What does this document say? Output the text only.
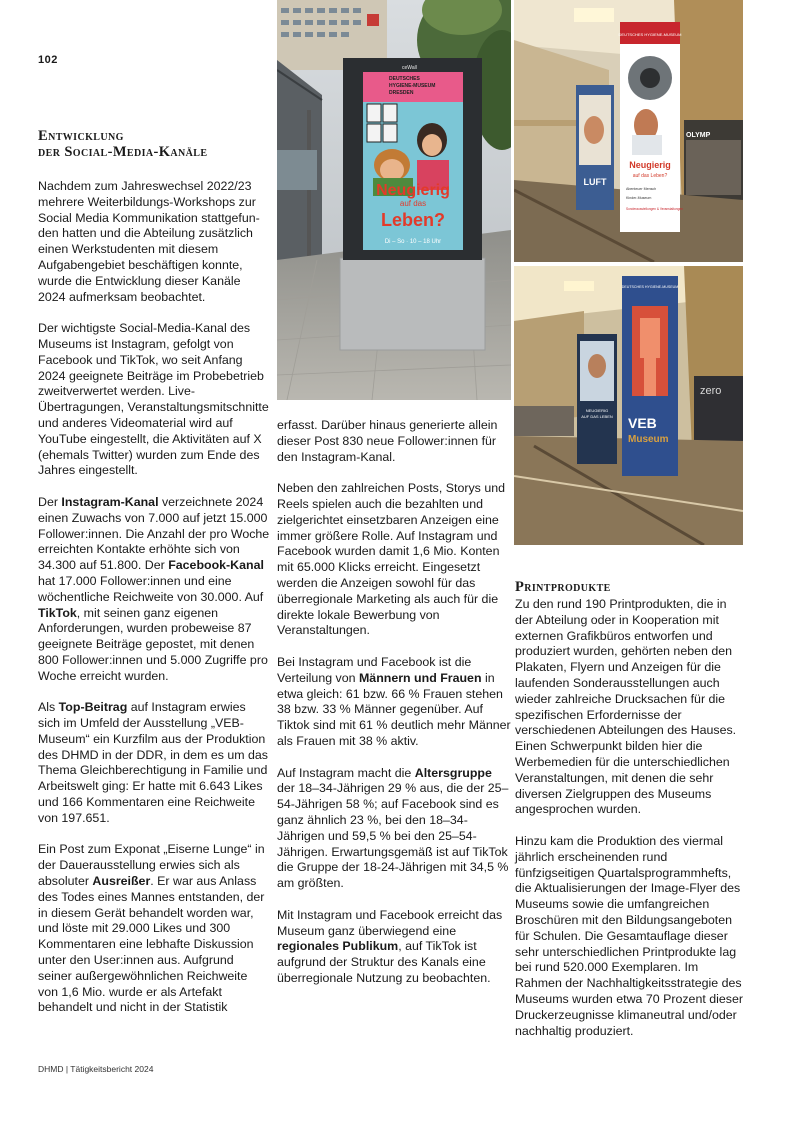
102
Entwicklung
der Social-Media-Kanäle

Nachdem zum Jahreswechsel 2022/23 mehrere Weiterbildungs-Workshops zur Social Media Kommunikation stattgefun-den hatten und die Abteilung zusätzlich einen Werkstudenten mit diesem Aufgabengebiet beschäftigen konnte, wurde die Entwicklung dieser Kanäle 2024 aufmerksam beobachtet.

Der wichtigste Social-Media-Kanal des Museums ist Instagram, gefolgt von Facebook und TikTok, wo seit Anfang 2024 geeignete Beiträge im Probebetrieb zweitverwertet werden. Live-Übertragungen, Veranstaltungsmitschnitte und anderes Videomaterial wird auf YouTube eingestellt, die Aktivitäten auf X (ehemals Twitter) wurden zum Ende des Jahres eingestellt.

Der Instagram-Kanal verzeichnete 2024 einen Zuwachs von 7.000 auf jetzt 15.000 Follower:innen. Die Anzahl der pro Woche erreichten Kontakte erhöhte sich von 34.300 auf 51.800. Der Facebook-Kanal hat 17.000 Follower:innen und eine wöchentliche Reichweite von 30.000. Auf TikTok, mit seinen ganz eigenen Anforderungen, wurden probeweise 87 geeignete Beiträge gepostet, mit denen 800 Follower:innen und 5.000 Zugriffe pro Woche erreicht wurden.

Als Top-Beitrag auf Instagram erwies sich im Umfeld der Ausstellung „VEB-Museum“ ein Kurzfilm aus der Produktion des DHMD in der DDR, in dem es um das Thema Gleichberechtigung in Familie und Arbeitswelt ging: Er hatte mit 6.643 Likes und 166 Kommentaren eine Reichweite von 197.651.

Ein Post zum Exponat „Eiserne Lunge“ in der Dauerausstellung erwies sich als absoluter Ausreißer. Er war aus Anlass des Todes eines Mannes entstanden, der in diesem Gerät behandelt worden war, und löste mit 29.000 Likes und 300 Kommentaren eine lebhafte Diskussion unter den User:innen aus. Aufgrund seiner außergewöhnlichen Reichweite von 1,6 Mio. wurde er als Artefakt behandelt und nicht in der Statistik

erfasst. Darüber hinaus generierte allein dieser Post 830 neue Follower:innen für den Instagram-Kanal.

Neben den zahlreichen Posts, Storys und Reels spielen auch die bezahlten und zielgerichtet einsetzbaren Anzeigen eine immer größere Rolle. Auf Instagram und Facebook wurden damit 1,6 Mio. Konten mit 65.000 Klicks erreicht. Eingesetzt werden die Anzeigen sowohl für das überregionale Marketing als auch für die direkte lokale Bewerbung von Veranstaltungen.

Bei Instagram und Facebook ist die Verteilung von Männern und Frauen in etwa gleich: 61 bzw. 66 % Frauen stehen 38 bzw. 33 % Männer gegenüber. Auf Tiktok sind mit 61 % deutlich mehr Männer als Frauen mit 38 % aktiv.

Auf Instagram macht die Altersgruppe der 18–34-Jährigen 29 % aus, die der 25–54-Jährigen 58 %; auf Facebook sind es ganz ähnlich 23 %, bei den 18–34-Jährigen und 59,5 % bei den 25–54-Jährigen. Erwartungsgemäß ist auf TikTok die Gruppe der 18-24-Jährigen mit 34,5 % am größten.

Mit Instagram und Facebook erreicht das Museum ganz überwiegend eine regionales Publikum, auf TikTok ist aufgrund der Struktur des Kanals eine überregionale Nutzung zu beobachten.

Printprodukte

Zu den rund 190 Printprodukten, die in der Abteilung oder in Kooperation mit externen Grafikbüros entworfen und produziert wurden, gehörten neben den Plakaten, Flyern und Anzeigen für die laufenden Sonderausstellungen auch wieder zahlreiche Drucksachen für die spezifischen Erfordernisse der verschiedenen Abteilungen des Hauses. Einen Schwerpunkt bilden hier die Werbemedien für die unterschiedlichen Veranstaltungen, mit denen die sehr diversen Zielgruppen des Museums angesprochen wurden.

Hinzu kam die Produktion des viermal jährlich erscheinenden rund fünfzigseitigen Quartalsprogrammhefts, die Aktualisierungen der Image-Flyer des Museums sowie die umfangreichen Broschüren mit den Bildungsangeboten für Schulen. Die Gesamtauflage dieser sehr unterschiedlichen Printprodukte lag bei rund 520.000 Exemplaren. Im Rahmen der Nachhaltigkeitsstrategie des Museums wurden etwa 70 Prozent dieser Druckerzeugnisse klimaneutral und/oder nachhaltig produziert.

ceWall
DEUTSCHES
HYGIENE-MUSEUM
DRESDEN
Neugierig
auf das
Leben?
Di – So · 10 – 18 Uhr
OLYMP
LUFT
DEUTSCHES HYGIENE-MUSEUM
Neugierig
auf das Leben?
Abenteuer Mensch
Kinder-Museum
Sonderausstellungen & Veranstaltungen
zero
NEUGIERIG
AUF DAS LEBEN
DEUTSCHES HYGIENE-MUSEUM
VEB
Museum
DHMD | Tätigkeitsbericht 2024
